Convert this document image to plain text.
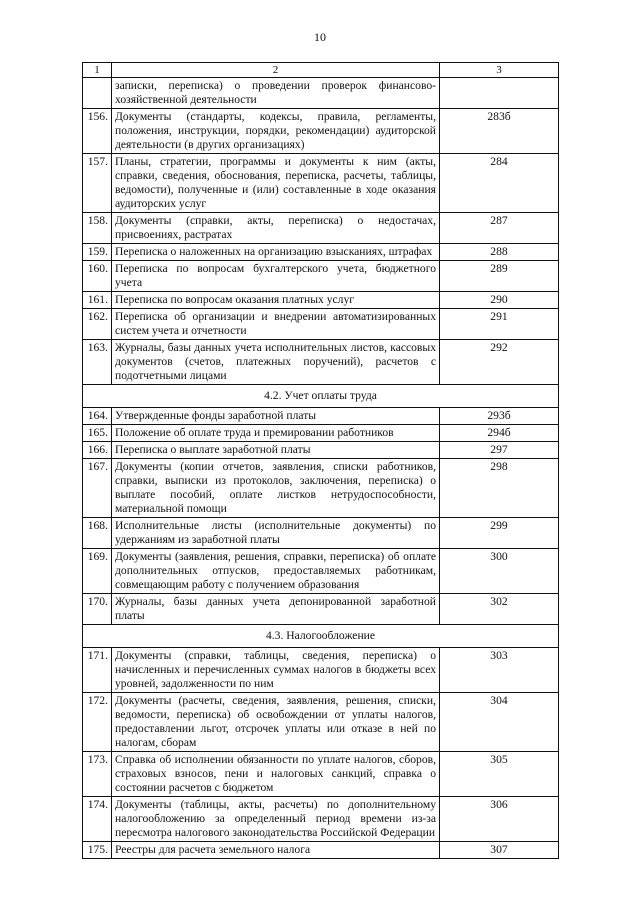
10
1	2	3
	записки, переписка) о проведении проверок финансово-хозяйственной деятельности	
156.	Документы (стандарты, кодексы, правила, регламенты, положения, инструкции, порядки, рекомендации) аудиторской деятельности (в других организациях)	283б
157.	Планы, стратегии, программы и документы к ним (акты, справки, сведения, обоснования, переписка, расчеты, таблицы, ведомости), полученные и (или) составленные в ходе оказания аудиторских услуг	284
158.	Документы (справки, акты, переписка) о недостачах, присвоениях, растратах	287
159.	Переписка о наложенных на организацию взысканиях, штрафах	288
160.	Переписка по вопросам бухгалтерского учета, бюджетного учета	289
161.	Переписка по вопросам оказания платных услуг	290
162.	Переписка об организации и внедрении автоматизированных систем учета и отчетности	291
163.	Журналы, базы данных учета исполнительных листов, кассовых документов (счетов, платежных поручений), расчетов с подотчетными лицами	292
4.2. Учет оплаты труда		
164.	Утвержденные фонды заработной платы	293б
165.	Положение об оплате труда и премировании работников	294б
166.	Переписка о выплате заработной платы	297
167.	Документы (копии отчетов, заявления, списки работников, справки, выписки из протоколов, заключения, переписка) о выплате пособий, оплате листков нетрудоспособности, материальной помощи	298
168.	Исполнительные листы (исполнительные документы) по удержаниям из заработной платы	299
169.	Документы (заявления, решения, справки, переписка) об оплате дополнительных отпусков, предоставляемых работникам, совмещающим работу с получением образования	300
170.	Журналы, базы данных учета депонированной заработной платы	302
4.3. Налогообложение		
171.	Документы (справки, таблицы, сведения, переписка) о начисленных и перечисленных суммах налогов в бюджеты всех уровней, задолженности по ним	303
172.	Документы (расчеты, сведения, заявления, решения, списки, ведомости, переписка) об освобождении от уплаты налогов, предоставлении льгот, отсрочек уплаты или отказе в ней по налогам, сборам	304
173.	Справка об исполнении обязанности по уплате налогов, сборов, страховых взносов, пени и налоговых санкций, справка о состоянии расчетов с бюджетом	305
174.	Документы (таблицы, акты, расчеты) по дополнительному налогообложению за определенный период времени из-за пересмотра налогового законодательства Российской Федерации	306
175.	Реестры для расчета земельного налога	307
